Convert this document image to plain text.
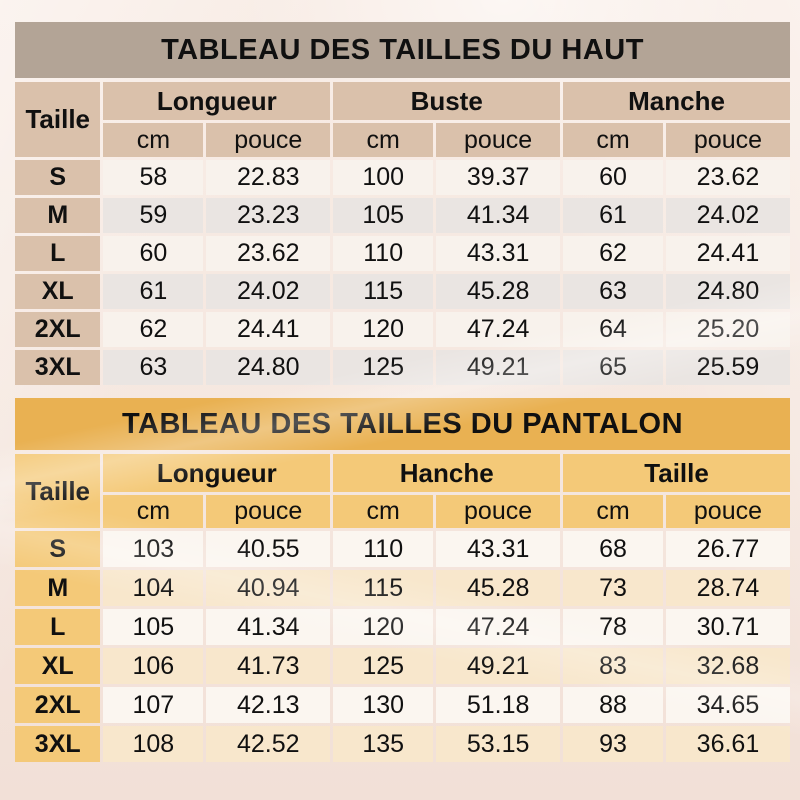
TABLEAU DES TAILLES DU HAUT
Taille	Longueur		Buste		Manche	
	cm	pouce	cm	pouce	cm	pouce
S	58	22.83	100	39.37	60	23.62
M	59	23.23	105	41.34	61	24.02
L	60	23.62	110	43.31	62	24.41
XL	61	24.02	115	45.28	63	24.80
2XL	62	24.41	120	47.24	64	25.20
3XL	63	24.80	125	49.21	65	25.59
TABLEAU DES TAILLES DU PANTALON
Taille	Longueur		Hanche		Taille	
	cm	pouce	cm	pouce	cm	pouce
S	103	40.55	110	43.31	68	26.77
M	104	40.94	115	45.28	73	28.74
L	105	41.34	120	47.24	78	30.71
XL	106	41.73	125	49.21	83	32.68
2XL	107	42.13	130	51.18	88	34.65
3XL	108	42.52	135	53.15	93	36.61
